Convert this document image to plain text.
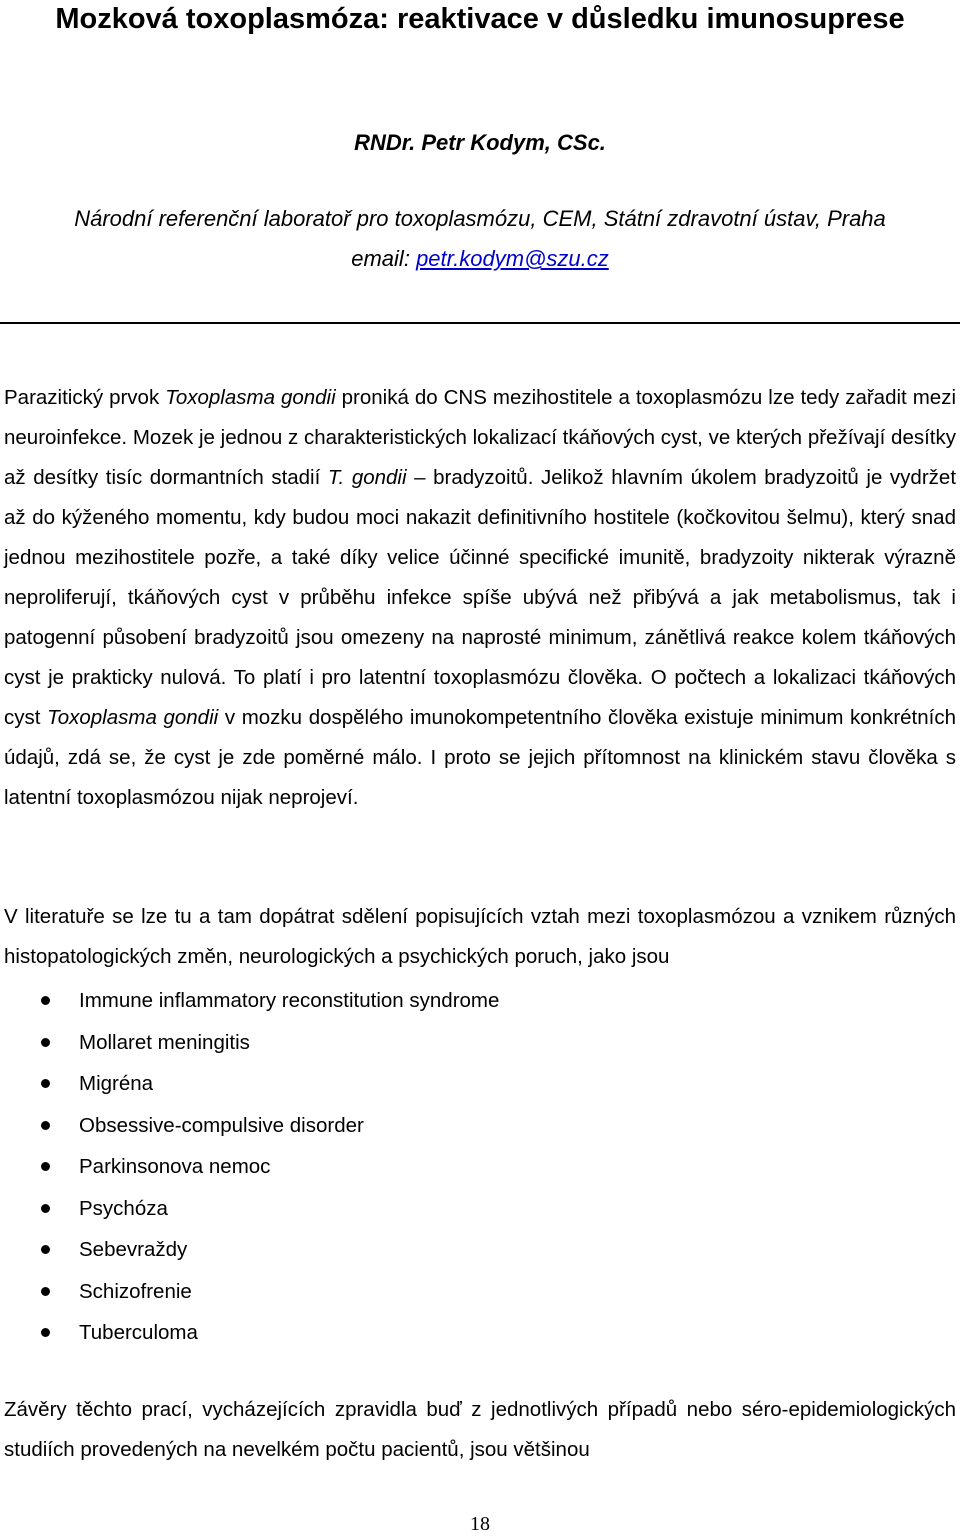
Mozková toxoplasmóza: reaktivace v důsledku imunosuprese

RNDr. Petr Kodym, CSc.

Národní referenční laboratoř pro toxoplasmózu, CEM, Státní zdravotní ústav, Praha
email: petr.kodym@szu.cz

Parazitický prvok Toxoplasma gondii proniká do CNS mezihostitele a toxoplasmózu lze tedy zařadit mezi neuroinfekce. Mozek je jednou z charakteristických lokalizací tkáňových cyst, ve kterých přežívají desítky až desítky tisíc dormantních stadií T. gondii – bradyzoitů. Jelikož hlavním úkolem bradyzoitů je vydržet až do kýženého momentu, kdy budou moci nakazit definitivního hostitele (kočkovitou šelmu), který snad jednou mezihostitele pozře, a také díky velice účinné specifické imunitě, bradyzoity nikterak výrazně neproliferují, tkáňových cyst v průběhu infekce spíše ubývá než přibývá a jak metabolismus, tak i patogenní působení bradyzoitů jsou omezeny na naprosté minimum, zánětlivá reakce kolem tkáňových cyst je prakticky nulová. To platí i pro latentní toxoplasmózu člověka. O počtech a lokalizaci tkáňových cyst Toxoplasma gondii v mozku dospělého imunokompetentního člověka existuje minimum konkrétních údajů, zdá se, že cyst je zde poměrné málo. I proto se jejich přítomnost na klinickém stavu člověka s latentní toxoplasmózou nijak neprojeví.

V literatuře se lze tu a tam dopátrat sdělení popisujících vztah mezi toxoplasmózou a vznikem různých histopatologických změn, neurologických a psychických poruch, jako jsou

Immune inflammatory reconstitution syndrome
Mollaret meningitis
Migréna
Obsessive-compulsive disorder
Parkinsonova nemoc
Psychóza
Sebevraždy
Schizofrenie
Tuberculoma

Závěry těchto prací, vycházejících zpravidla buď z jednotlivých případů nebo séro-epidemiologických studiích provedených na nevelkém počtu pacientů, jsou většinou

18
